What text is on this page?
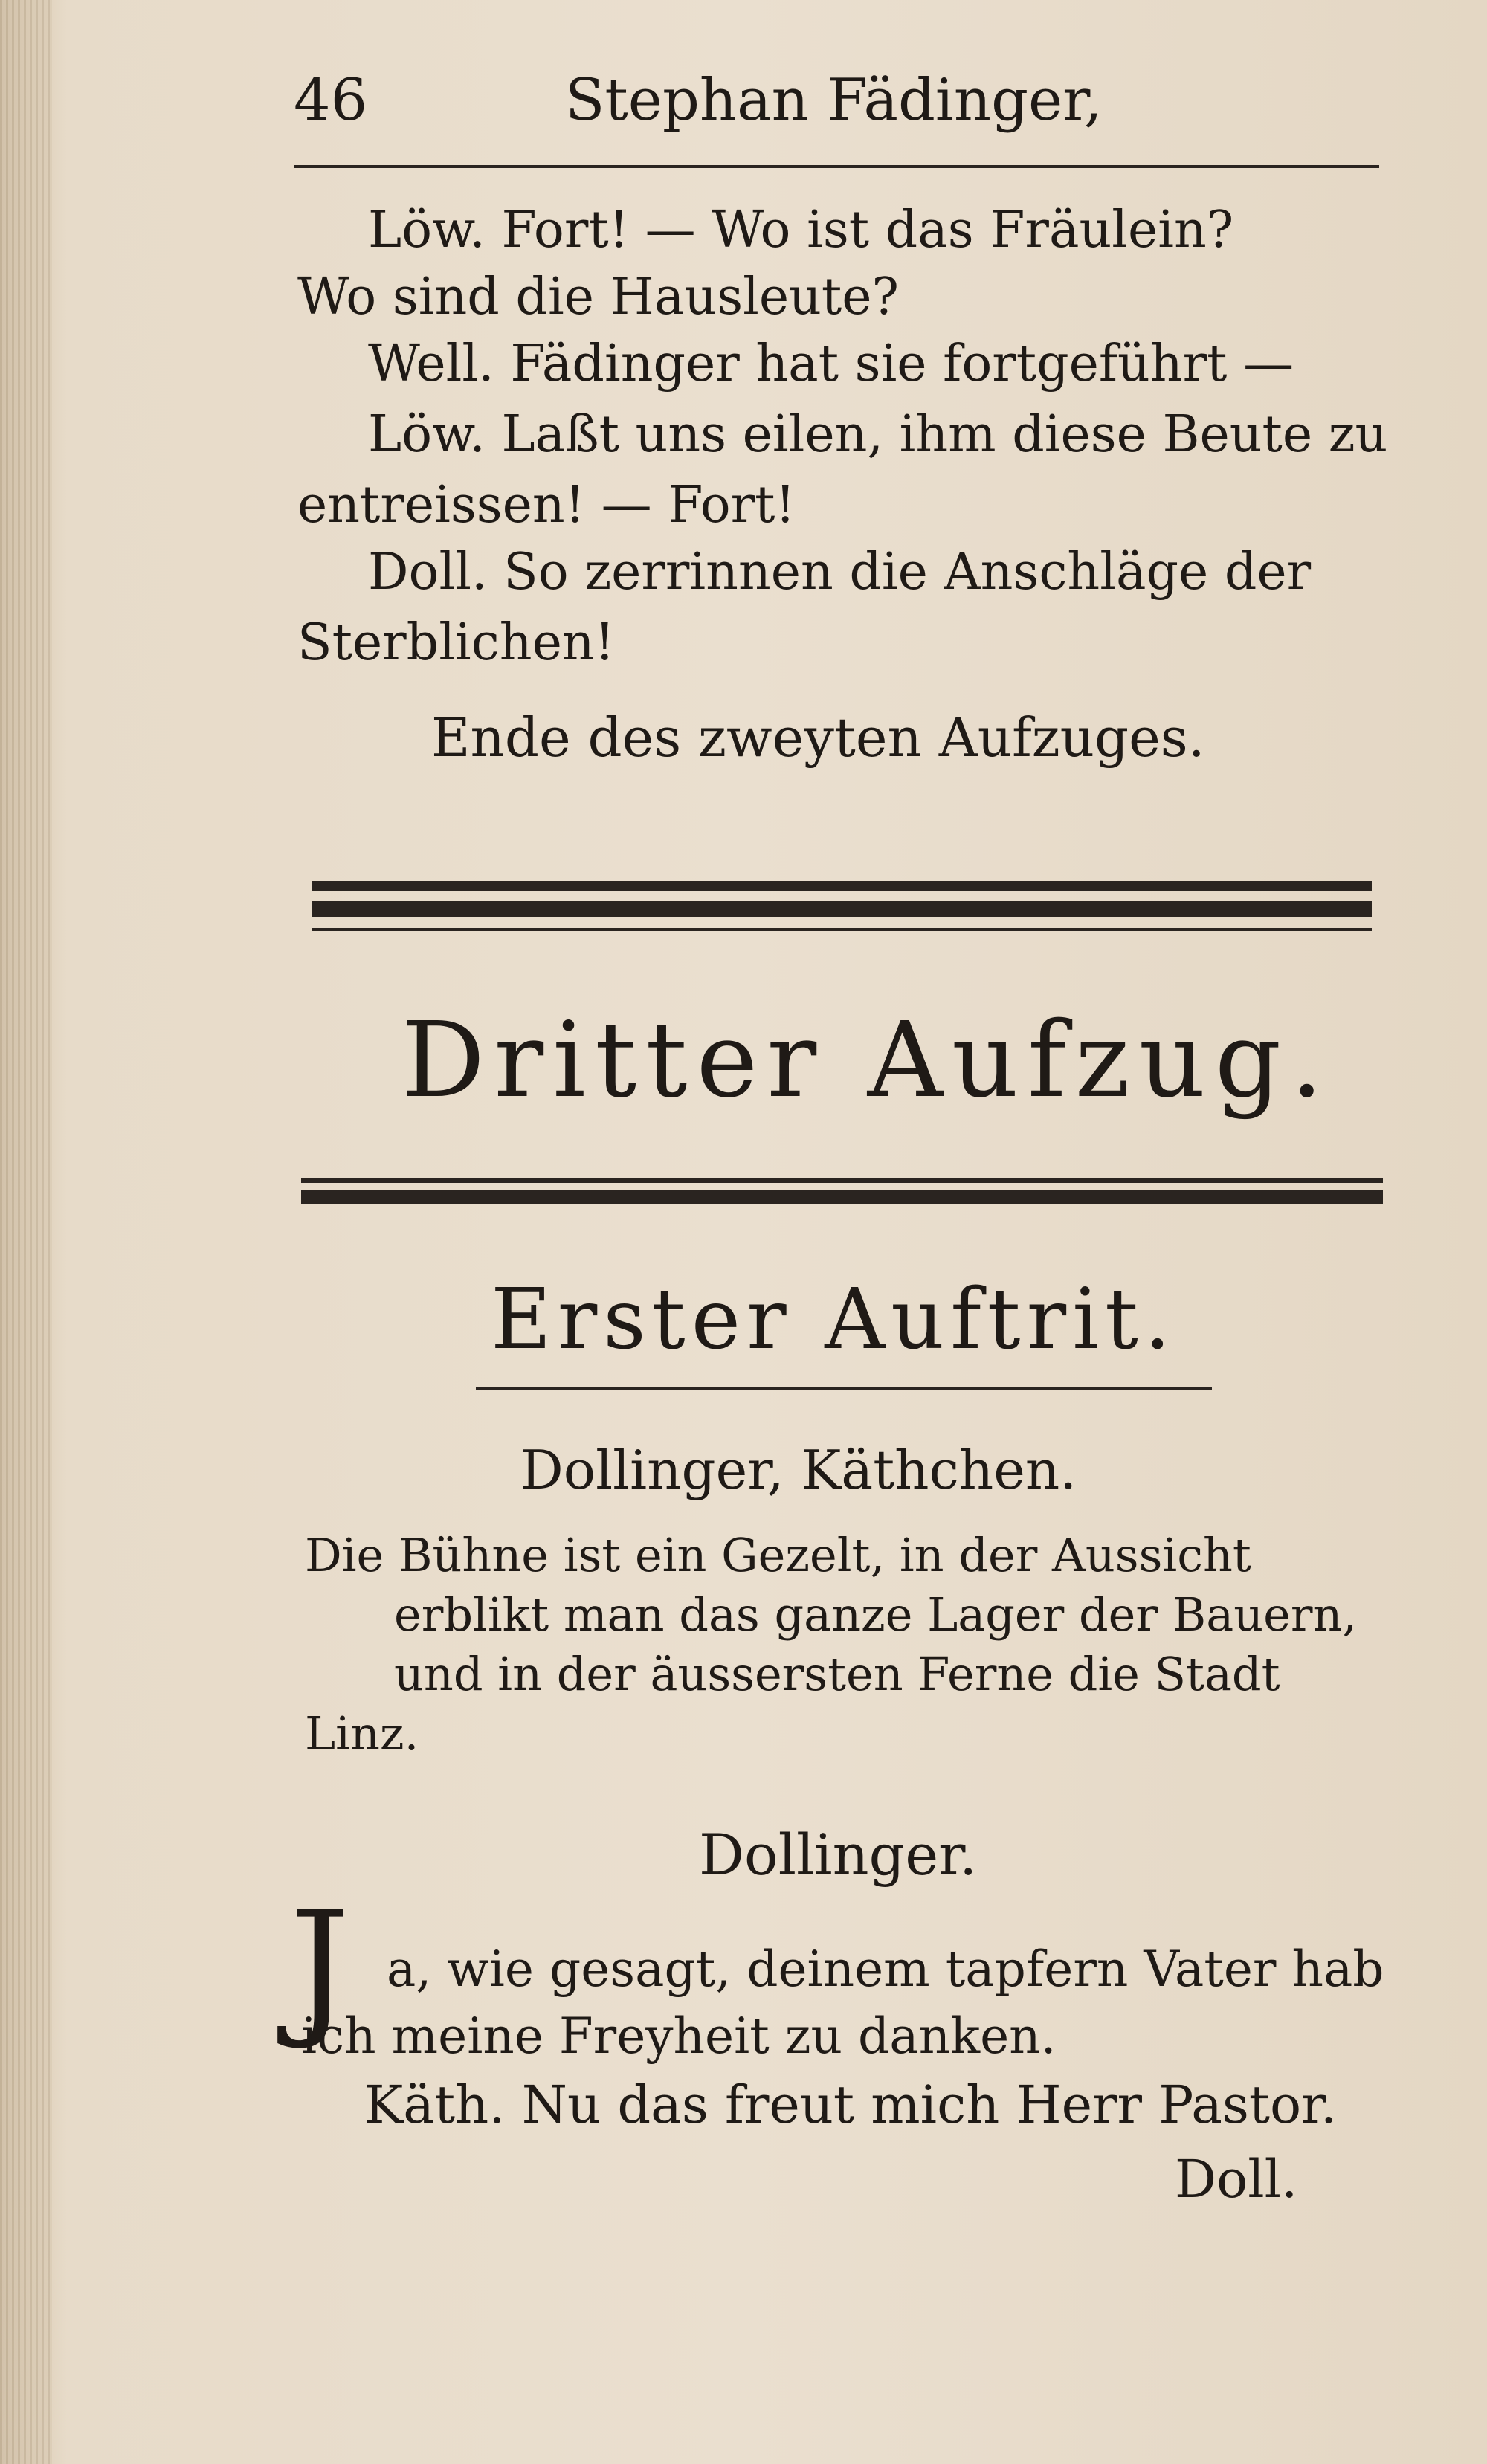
46	Stephan Fädinger,
Löw. Fort! — Wo ist das Fräulein?
Wo sind die Hausleute?
Well. Fädinger hat sie fortgeführt —
Löw. Laßt uns eilen, ihm diese Beute zu
entreissen! — Fort!
Doll. So zerrinnen die Anschläge der
Sterblichen!
Ende des zweyten Aufzuges.
Dritter Aufzug.
Erster Auftrit.
Dollinger, Käthchen.
Die Bühne ist ein Gezelt, in der Aussicht
erblikt man das ganze Lager der Bauern,
und in der äussersten Ferne die Stadt
Linz.
Dollinger.
J a, wie gesagt, deinem tapfern Vater hab
ich meine Freyheit zu danken.
Käth. Nu das freut mich Herr Pastor.
Doll.
